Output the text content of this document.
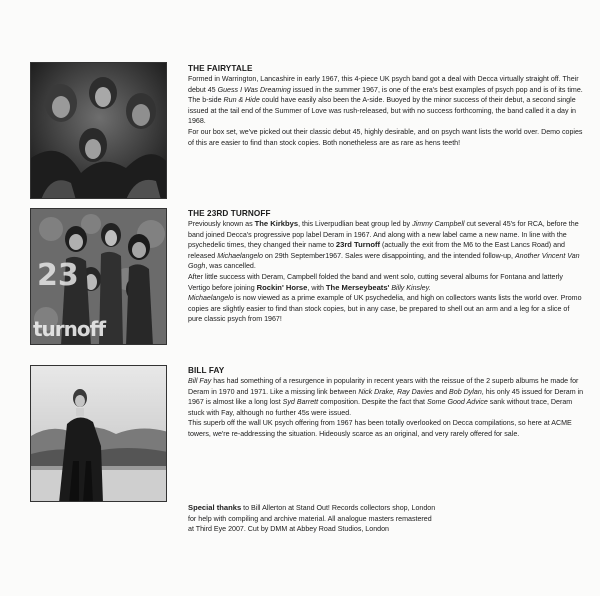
THE FAIRYTALE

Formed in Warrington, Lancashire in early 1967, this 4-piece UK psych band got a deal with Decca virtually straight off. Their debut 45 Guess I Was Dreaming issued in the summer 1967, is one of the era's best examples of psych pop and is of its time.

The b-side Run & Hide could have easily also been the A-side. Buoyed by the minor success of their debut, a second single issued at the tail end of the Summer of Love was rush-released, but with no success forthcoming, the band called it a day in 1968.

For our box set, we've picked out their classic debut 45, highly desirable, and on psych want lists the world over. Demo copies of this are easier to find than stock copies. Both nonetheless are as rare as hens teeth!

23
turnoff
THE 23RD TURNOFF

Previously known as The Kirkbys, this Liverpudlian beat group led by Jimmy Campbell cut several 45's for RCA, before the band joined Decca's progressive pop label Deram in 1967. And along with a new label came a new name. In line with the psychedelic times, they changed their name to 23rd Turnoff (actually the exit from the M6 to the East Lancs Road) and released Michaelangelo on 29th September1967. Sales were disappointing, and the intended follow-up, Another Vincent Van Gogh, was cancelled.

After little success with Deram, Campbell folded the band and went solo, cutting several albums for Fontana and latterly Vertigo before joining Rockin' Horse, with The Merseybeats' Billy Kinsley.

Michaelangelo is now viewed as a prime example of UK psychedelia, and high on collectors wants lists the world over. Promo copies are slightly easier to find than stock copies, but in any case, be prepared to shell out an arm and a leg for a slice of pure classic psych from 1967!

BILL FAY

Bill Fay has had something of a resurgence in popularity in recent years with the reissue of the 2 superb albums he made for Deram in 1970 and 1971. Like a missing link between Nick Drake, Ray Davies and Bob Dylan, his only 45 issued for Deram in 1967 is almost like a long lost Syd Barrett composition. Despite the fact that Some Good Advice sank without trace, Deram stuck with Fay, although no further 45s were issued.

This superb off the wall UK psych offering from 1967 has been totally overlooked on Decca compilations, so here at ACME towers, we're re-addressing the situation. Hideously scarce as an original, and very rarely offered for sale.

Special thanks to Bill Allerton at Stand Out! Records collectors shop, London
for help with compiling and archive material. All analogue masters remastered
at Third Eye 2007. Cut by DMM at Abbey Road Studios, London
